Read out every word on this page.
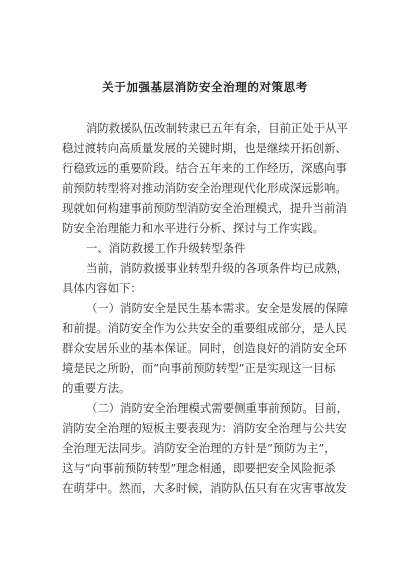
关于加强基层消防安全治理的对策思考

消防救援队伍改制转隶已五年有余，目前正处于从平

稳过渡转向高质量发展的关键时期，也是继续开拓创新、

行稳致远的重要阶段。结合五年来的工作经历，深感向事

前预防转型将对推动消防安全治理现代化形成深远影响。

现就如何构建事前预防型消防安全治理模式，提升当前消

防安全治理能力和水平进行分析、探讨与工作实践。

一、消防救援工作升级转型条件

当前，消防救援事业转型升级的各项条件均已成熟，

具体内容如下：

（一）消防安全是民生基本需求。安全是发展的保障

和前提。消防安全作为公共安全的重要组成部分，是人民

群众安居乐业的基本保证。同时，创造良好的消防安全环

境是民之所盼，而“向事前预防转型”正是实现这一目标

的重要方法。

（二）消防安全治理模式需要侧重事前预防。目前，

消防安全治理的短板主要表现为：消防安全治理与公共安

全治理无法同步。消防安全治理的方针是“预防为主”，

这与“向事前预防转型”理念相通，即要把安全风险扼杀

在萌芽中。然而，大多时候，消防队伍只有在灾害事故发
